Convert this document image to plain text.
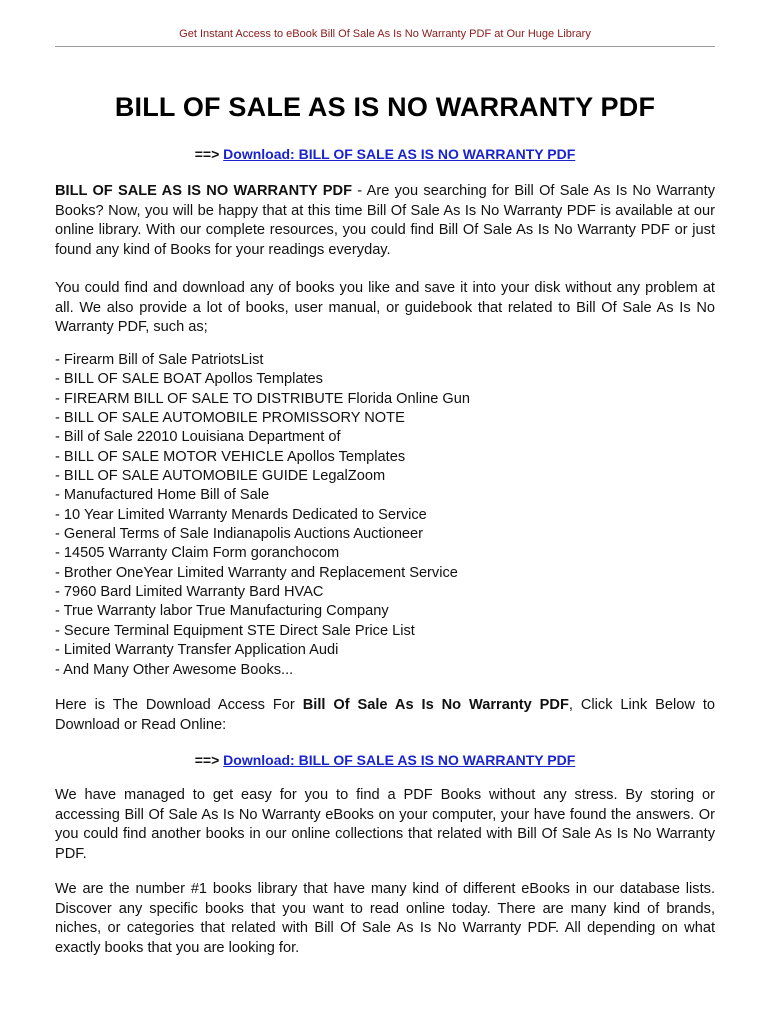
Get Instant Access to eBook Bill Of Sale As Is No Warranty PDF at Our Huge Library
BILL OF SALE AS IS NO WARRANTY PDF
==> Download: BILL OF SALE AS IS NO WARRANTY PDF

BILL OF SALE AS IS NO WARRANTY PDF - Are you searching for Bill Of Sale As Is No Warranty Books? Now, you will be happy that at this time Bill Of Sale As Is No Warranty PDF is available at our online library. With our complete resources, you could find Bill Of Sale As Is No Warranty PDF or just found any kind of Books for your readings everyday.

You could find and download any of books you like and save it into your disk without any problem at all. We also provide a lot of books, user manual, or guidebook that related to Bill Of Sale As Is No Warranty PDF, such as;

- Firearm Bill of Sale PatriotsList
- BILL OF SALE BOAT Apollos Templates
- FIREARM BILL OF SALE TO DISTRIBUTE Florida Online Gun
- BILL OF SALE AUTOMOBILE PROMISSORY NOTE
- Bill of Sale 22010 Louisiana Department of
- BILL OF SALE MOTOR VEHICLE Apollos Templates
- BILL OF SALE AUTOMOBILE GUIDE LegalZoom
- Manufactured Home Bill of Sale
- 10 Year Limited Warranty Menards Dedicated to Service
- General Terms of Sale Indianapolis Auctions Auctioneer
- 14505 Warranty Claim Form goranchocom
- Brother OneYear Limited Warranty and Replacement Service
- 7960 Bard Limited Warranty Bard HVAC
- True Warranty labor True Manufacturing Company
- Secure Terminal Equipment STE Direct Sale Price List
- Limited Warranty Transfer Application Audi
- And Many Other Awesome Books...

Here is The Download Access For Bill Of Sale As Is No Warranty PDF, Click Link Below to Download or Read Online:

==> Download: BILL OF SALE AS IS NO WARRANTY PDF

We have managed to get easy for you to find a PDF Books without any stress. By storing or accessing Bill Of Sale As Is No Warranty eBooks on your computer, your have found the answers. Or you could find another books in our online collections that related with Bill Of Sale As Is No Warranty PDF.

We are the number #1 books library that have many kind of different eBooks in our database lists. Discover any specific books that you want to read online today. There are many kind of brands, niches, or categories that related with Bill Of Sale As Is No Warranty PDF. All depending on what exactly books that you are looking for.
